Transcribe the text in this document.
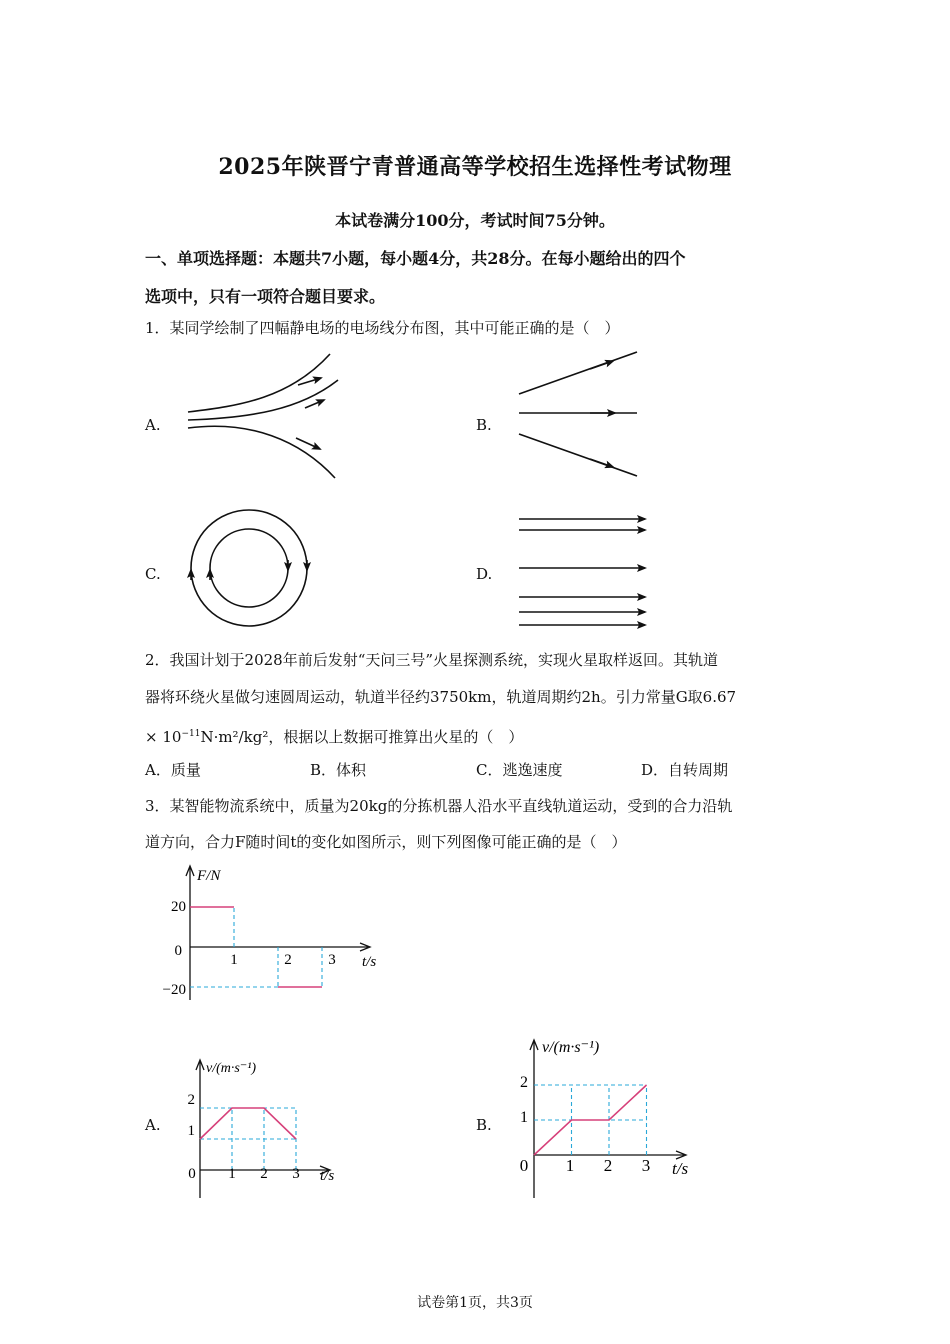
2025年陕晋宁青普通高等学校招生选择性考试物理
本试卷满分100分，考试时间75分钟。
一、单项选择题：本题共7小题，每小题4分，共28分。在每小题给出的四个
选项中，只有一项符合题目要求。
1．某同学绘制了四幅静电场的电场线分布图，其中可能正确的是（　）
A.	B.
C.	D.
2．我国计划于2028年前后发射“天问三号”火星探测系统，实现火星取样返回。其轨道
器将环绕火星做匀速圆周运动，轨道半径约3750km，轨道周期约2h。引力常量G取6.67
× $10^{-11}N\cdot m^2$/kg²，根据以上数据可推算出火星的（　）
A．质量	B．体积	C．逃逸速度	D．自转周期
3．某智能物流系统中，质量为20kg的分拣机器人沿水平直线轨道运动，受到的合力沿轨
道方向，合力F随时间t的变化如图所示，则下列图像可能正确的是（　）
F/N
t/s
20
0
−20
1	2 3
A.
v/(m·s⁻¹)
t/s
2
1
0 1 2 3
B.
v/(m·s⁻¹)
t/s
2
1
0 1 2 3
试卷第1页，共3页
